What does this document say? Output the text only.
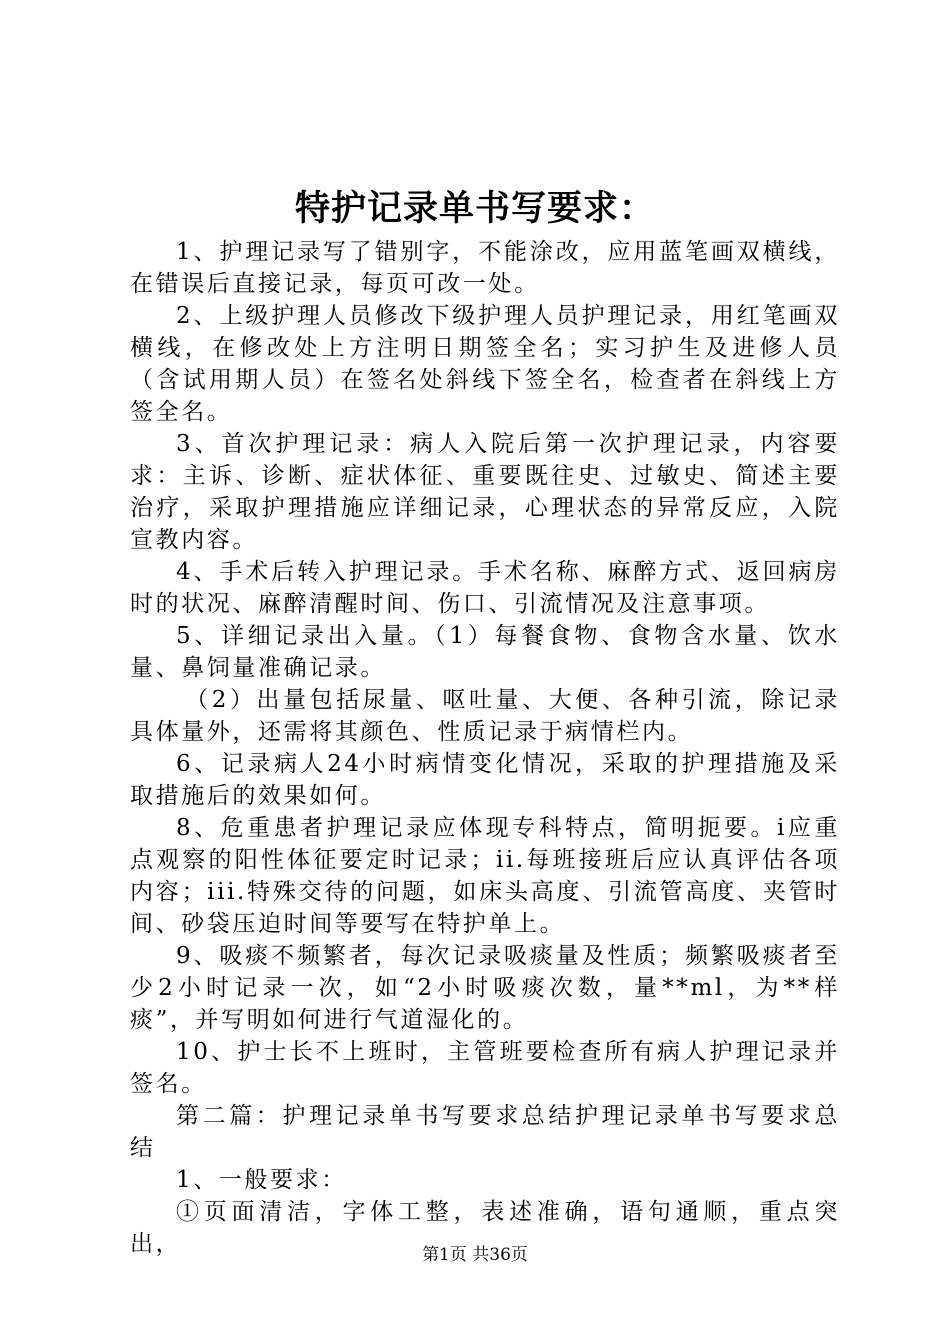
特护记录单书写要求：

1、护理记录写了错别字，不能涂改，应用蓝笔画双横线，在错误后直接记录，每页可改一处。

2、上级护理人员修改下级护理人员护理记录，用红笔画双横线，在修改处上方注明日期签全名；实习护生及进修人员（含试用期人员）在签名处斜线下签全名，检查者在斜线上方签全名。

3、首次护理记录：病人入院后第一次护理记录，内容要求：主诉、诊断、症状体征、重要既往史、过敏史、简述主要治疗，采取护理措施应详细记录，心理状态的异常反应，入院宣教内容。

4、手术后转入护理记录。手术名称、麻醉方式、返回病房时的状况、麻醉清醒时间、伤口、引流情况及注意事项。

5、详细记录出入量。（1）每餐食物、食物含水量、饮水量、鼻饲量准确记录。

（2）出量包括尿量、呕吐量、大便、各种引流，除记录具体量外，还需将其颜色、性质记录于病情栏内。

6、记录病人24小时病情变化情况，采取的护理措施及采取措施后的效果如何。

8、危重患者护理记录应体现专科特点，简明扼要。i应重点观察的阳性体征要定时记录；ii.每班接班后应认真评估各项内容；iii.特殊交待的问题，如床头高度、引流管高度、夹管时间、砂袋压迫时间等要写在特护单上。

9、吸痰不频繁者，每次记录吸痰量及性质；频繁吸痰者至少2小时记录一次，如“2小时吸痰次数，量**ml，为**样痰”，并写明如何进行气道湿化的。

10、护士长不上班时，主管班要检查所有病人护理记录并签名。

第二篇：护理记录单书写要求总结护理记录单书写要求总结

1、一般要求：

①页面清洁，字体工整，表述准确，语句通顺，重点突出，	第1页 共36页
